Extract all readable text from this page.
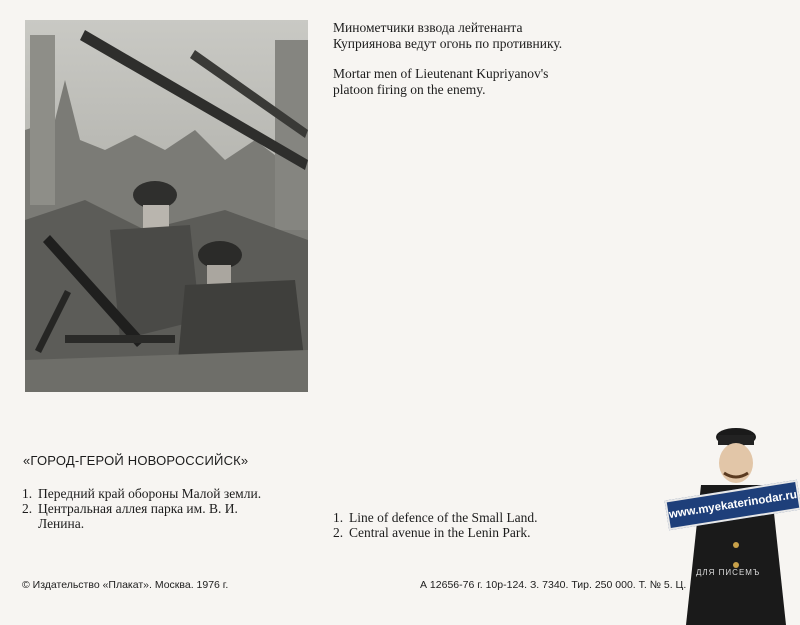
Минометчики взвода лейтенанта
Куприянова ведут огонь по противнику.
Mortar men of Lieutenant Kupriyanov's
platoon firing on the enemy.
«ГОРОД-ГЕРОЙ НОВОРОССИЙСК»
1. Передний край обороны Малой земли.
2. Центральная аллея парка им. В. И. Ленина.	1. Line of defence of the Small Land.
2. Central avenue in the Lenin Park.
© Издательство «Плакат». Москва. 1976 г.	А 12656-76 г. 10р-124. З. 7340. Тир. 250 000. Т. № 5. Ц.
www.myekaterinodar.ru
ДЛЯ ПИСЕМЪ
